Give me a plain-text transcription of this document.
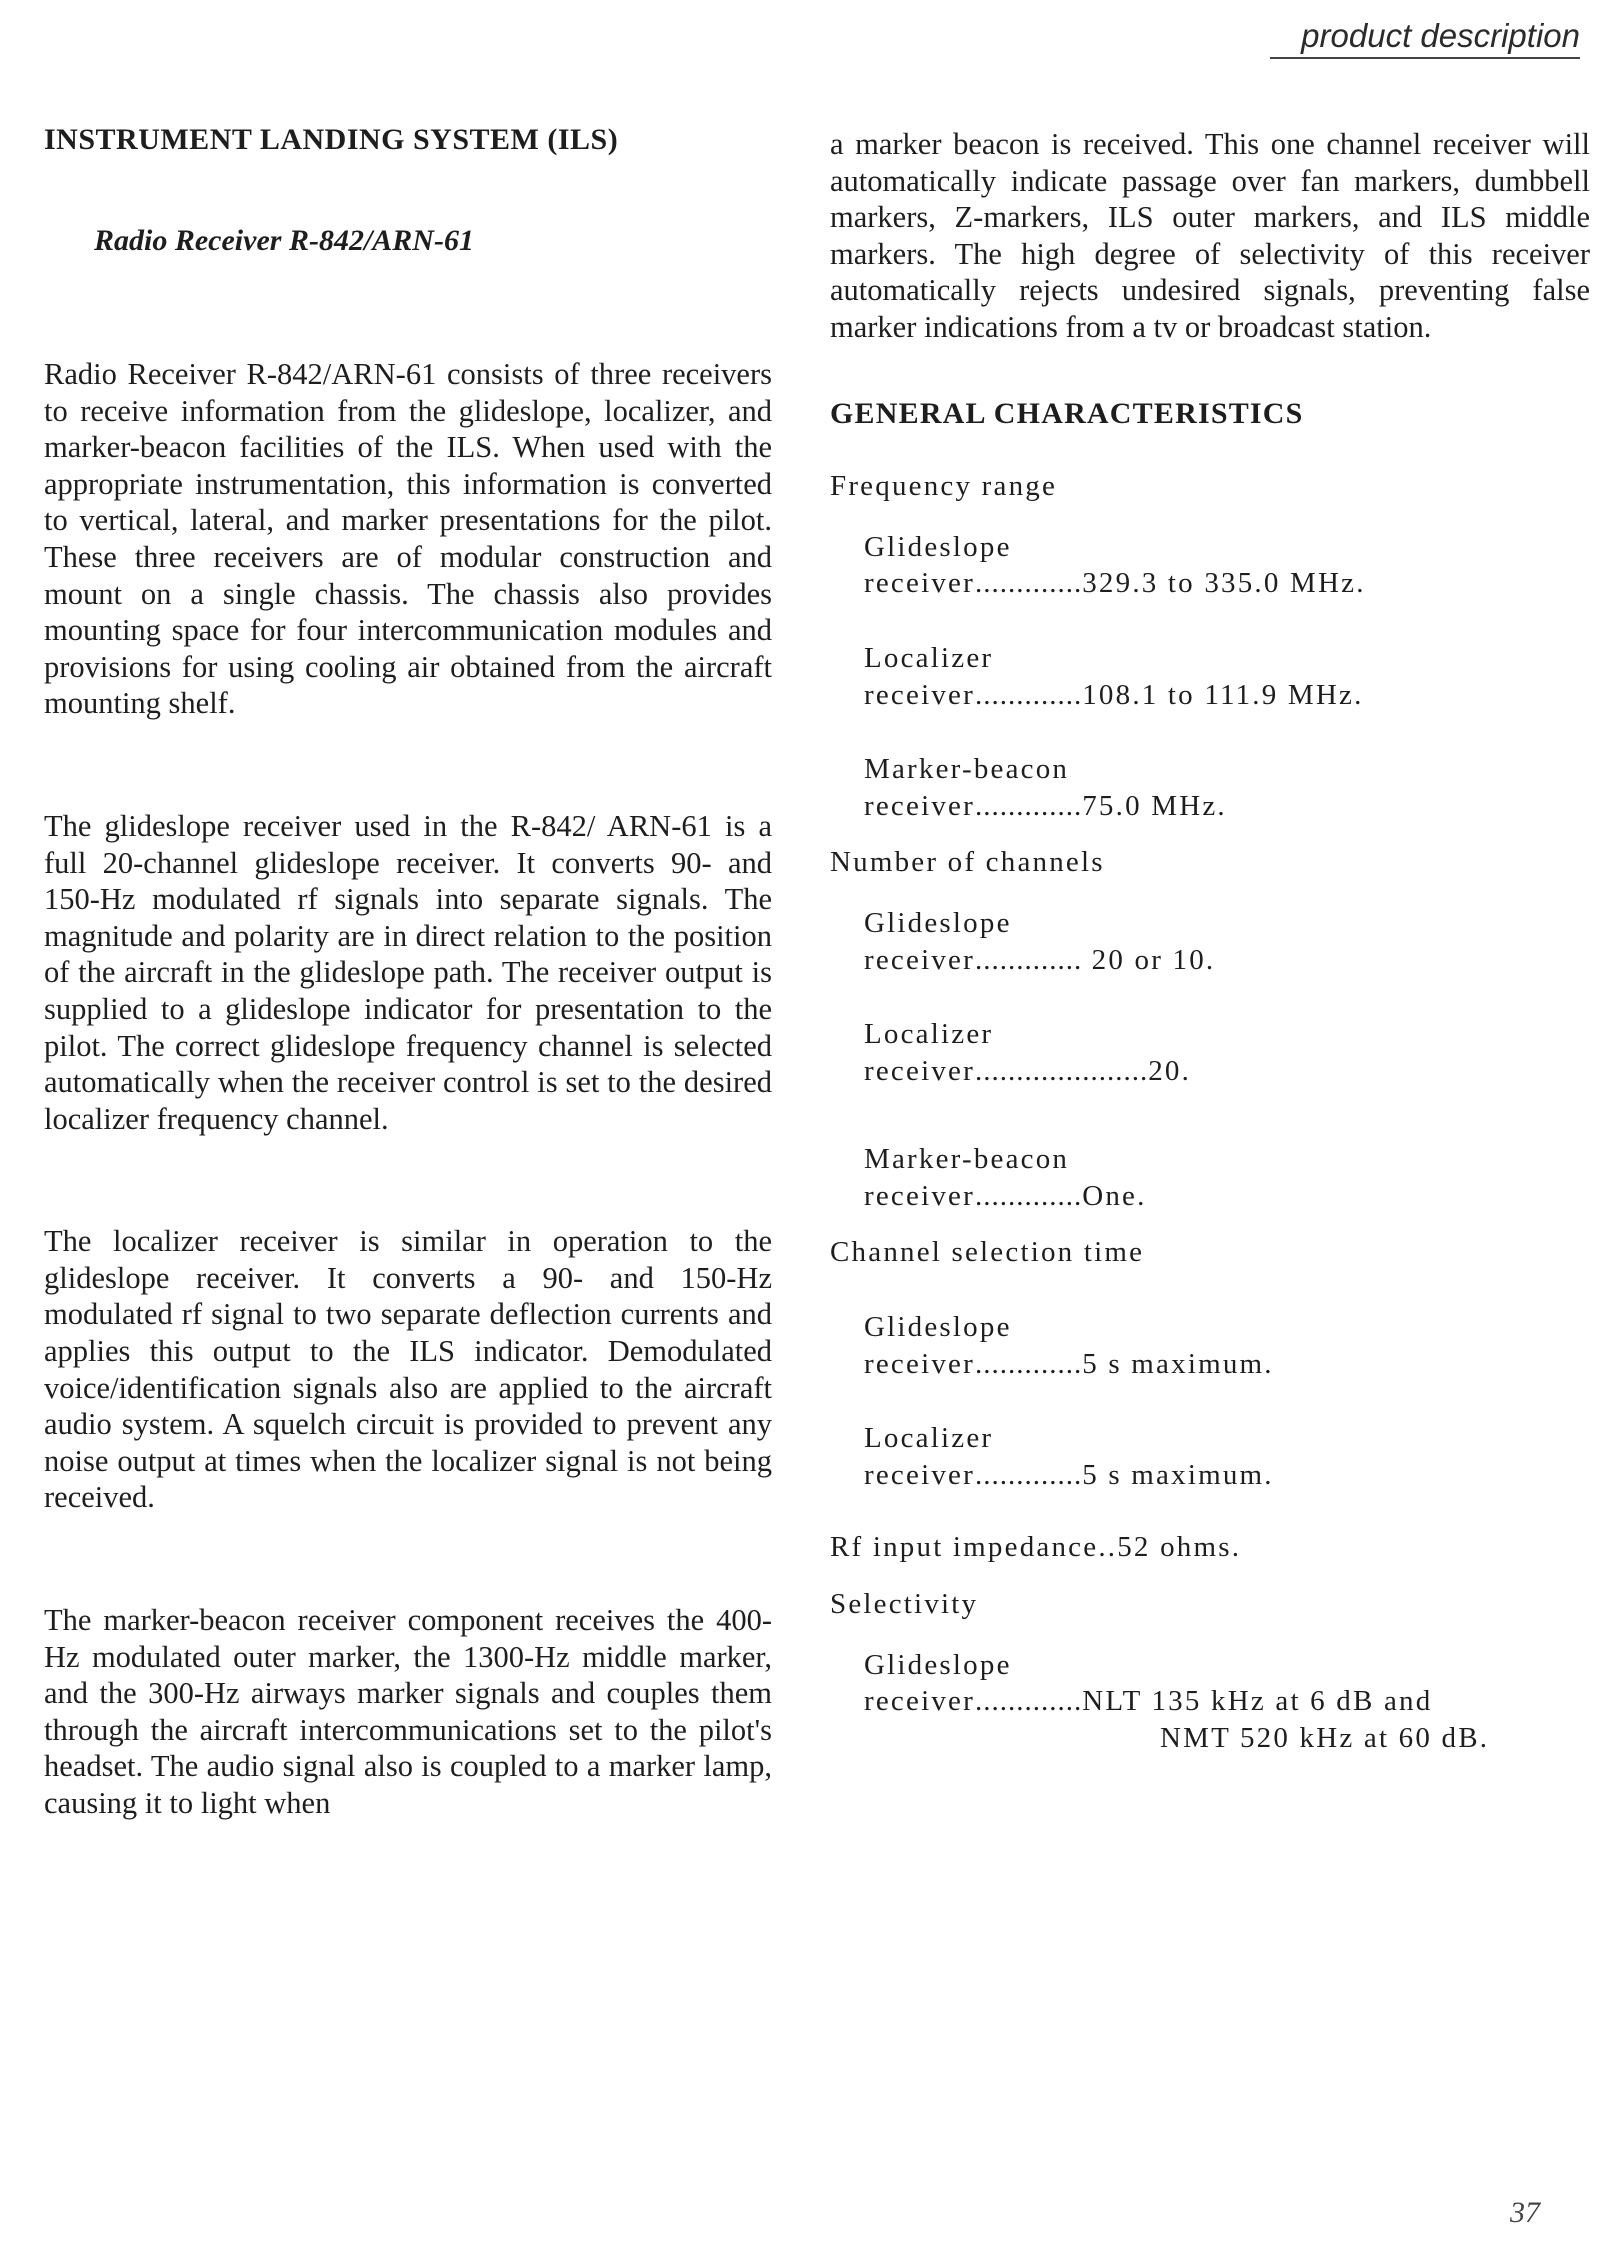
product description
INSTRUMENT LANDING SYSTEM (ILS)
Radio Receiver R-842/ARN-61

Radio Receiver R-842/ARN-61 consists of three receivers to receive information from the glideslope, localizer, and marker-beacon facilities of the ILS. When used with the appropriate instrumentation, this information is converted to vertical, lateral, and marker presentations for the pilot. These three receivers are of modular construction and mount on a single chassis. The chassis also provides mounting space for four intercommunication modules and provisions for using cooling air obtained from the aircraft mounting shelf.

The glideslope receiver used in the R-842/ ARN-61 is a full 20-channel glideslope receiver. It converts 90- and 150-Hz modulated rf signals into separate signals. The magnitude and polarity are in direct relation to the position of the aircraft in the glideslope path. The receiver output is supplied to a glideslope indicator for presentation to the pilot. The correct glideslope frequency channel is selected automatically when the receiver control is set to the desired localizer frequency channel.

The localizer receiver is similar in operation to the glideslope receiver. It converts a 90- and 150-Hz modulated rf signal to two separate deflection currents and applies this output to the ILS indicator. Demodulated voice/identification signals also are applied to the aircraft audio system. A squelch circuit is provided to prevent any noise output at times when the localizer signal is not being received.

The marker-beacon receiver component receives the 400-Hz modulated outer marker, the 1300-Hz middle marker, and the 300-Hz airways marker signals and couples them through the aircraft intercommunications set to the pilot's headset. The audio signal also is coupled to a marker lamp, causing it to light when

a marker beacon is received. This one channel receiver will automatically indicate passage over fan markers, dumbbell markers, Z-markers, ILS outer markers, and ILS middle markers. The high degree of selectivity of this receiver automatically rejects undesired signals, preventing false marker indications from a tv or broadcast station.

GENERAL CHARACTERISTICS
Frequency range
Glideslope
receiver.............329.3 to 335.0 MHz.
Localizer
receiver.............108.1 to 111.9 MHz.
Marker-beacon
receiver.............75.0 MHz.
Number of channels
Glideslope
receiver............. 20 or 10.
Localizer
receiver.....................20.
Marker-beacon
receiver.............One.
Channel selection time
Glideslope
receiver.............5 s maximum.
Localizer
receiver.............5 s maximum.
Rf input impedance..52 ohms.
Selectivity
Glideslope
receiver.............NLT 135 kHz at 6 dB and
NMT 520 kHz at 60 dB.
37
